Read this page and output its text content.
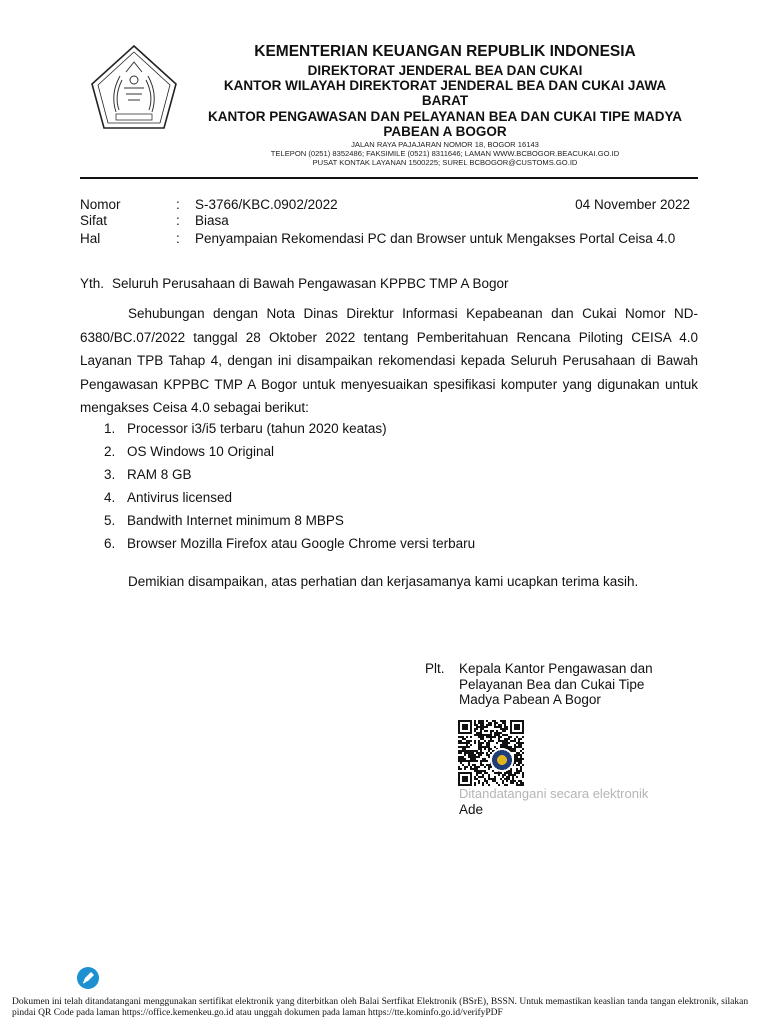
KEMENTERIAN KEUANGAN REPUBLIK INDONESIA
DIREKTORAT JENDERAL BEA DAN CUKAI
KANTOR WILAYAH DIREKTORAT JENDERAL BEA DAN CUKAI JAWA BARAT
KANTOR PENGAWASAN DAN PELAYANAN BEA DAN CUKAI TIPE MADYA PABEAN A BOGOR
JALAN RAYA PAJAJARAN NOMOR 18, BOGOR 16143
TELEPON (0251) 8352486; FAKSIMILE (0521) 8311646; LAMAN WWW.BCBOGOR.BEACUKAI.GO.ID
PUSAT KONTAK LAYANAN 1500225; SUREL BCBOGOR@CUSTOMS.GO.ID
Nomor	: S-3766/KBC.0902/2022	04 November 2022
Sifat	: Biasa
Hal	: Penyampaian Rekomendasi PC dan Browser untuk Mengakses Portal Ceisa 4.0
Yth. Seluruh Perusahaan di Bawah Pengawasan KPPBC TMP A Bogor
Sehubungan dengan Nota Dinas Direktur Informasi Kepabeanan dan Cukai Nomor ND-6380/BC.07/2022 tanggal 28 Oktober 2022 tentang Pemberitahuan Rencana Piloting CEISA 4.0 Layanan TPB Tahap 4, dengan ini disampaikan rekomendasi kepada Seluruh Perusahaan di Bawah Pengawasan KPPBC TMP A Bogor untuk menyesuaikan spesifikasi komputer yang digunakan untuk mengakses Ceisa 4.0 sebagai berikut:
1. Processor i3/i5 terbaru (tahun 2020 keatas)
2. OS Windows 10 Original
3. RAM 8 GB
4. Antivirus licensed
5. Bandwith Internet minimum 8 MBPS
6. Browser Mozilla Firefox atau Google Chrome versi terbaru
Demikian disampaikan, atas perhatian dan kerjasamanya kami ucapkan terima kasih.
Plt. Kepala Kantor Pengawasan dan
Pelayanan Bea dan Cukai Tipe
Madya Pabean A Bogor
Ditandatangani secara elektronik
Ade
Dokumen ini telah ditandatangani menggunakan sertifikat elektronik yang diterbitkan oleh Balai Sertfikat Elektronik (BSrE), BSSN. Untuk memastikan keaslian tanda tangan elektronik, silakan pindai QR Code pada laman https://office.kemenkeu.go.id atau unggah dokumen pada laman https://tte.kominfo.go.id/verifyPDF
